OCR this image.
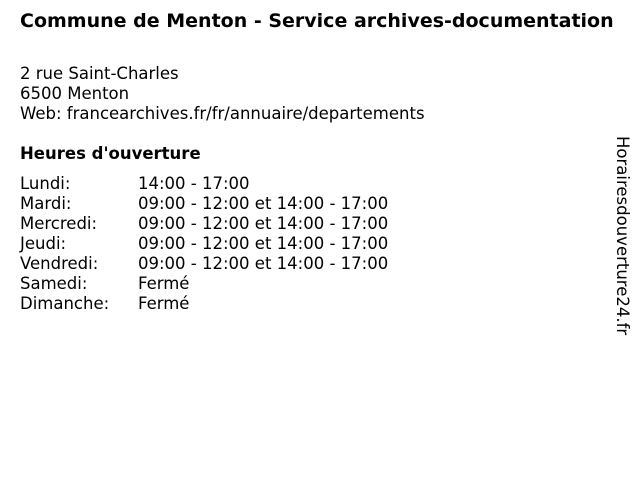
Commune de Menton - Service archives-documentation
2 rue Saint-Charles
6500 Menton
Web: francearchives.fr/fr/annuaire/departements
Heures d'ouverture
Lundi:	14:00 - 17:00
Mardi:	09:00 - 12:00 et 14:00 - 17:00
Mercredi: 09:00 - 12:00 et 14:00 - 17:00
Jeudi:	09:00 - 12:00 et 14:00 - 17:00
Vendredi: 09:00 - 12:00 et 14:00 - 17:00
Samedi:	Fermé
Dimanche: Fermé	Horairesdouverture24.fr
